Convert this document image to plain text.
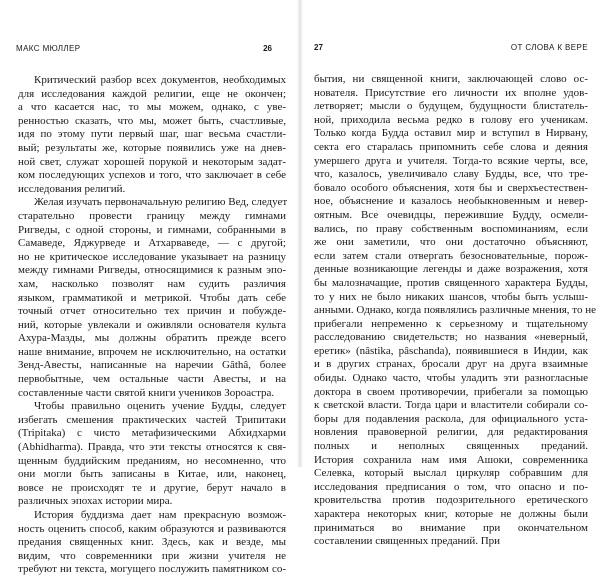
МАКС МЮЛЛЕР	26
Критический разбор всех документов, необходимых
для исследования каждой религии, еще не окончен;
а что касается нас, то мы можем, однако, с уве-
ренностью сказать, что мы, может быть, счастливые,
идя по этому пути первый шаг, шаг весьма счастли-
вый; результаты же, которые появились уже на днев-
ной свет, служат хорошей порукой и некоторым задат-
ком последующих успехов и того, что заключает в себе
исследования религий.
Желая изучать первоначальную религию Вед, следует
старательно провести границу между гимнами
Ригведы, с одной стороны, и гимнами, собранными в
Самаведе, Яджурведе и Атхарваведе, — с другой;
но не критическое исследование указывает на разницу
между гимнами Ригведы, относящимися к разным эпо-
хам, насколько позволят нам судить различия
языком, грамматикой и метрикой. Чтобы дать себе
точный отчет относительно тех причин и побужде-
ний, которые увлекали и оживляли основателя культа
Ахура-Мазды, мы должны обратить прежде всего
наше внимание, впрочем не исключительно, на остатки
Зенд-Авесты, написанные на наречии Gâthâ, более
первобытные, чем остальные части Авесты, и на
составленные части святой книги учеников Зороастра.
Чтобы правильно оценить учение Будды, следует
избегать смешения практических частей Трипитаки
(Tripitaka) с чисто метафизическими Абхидхарми
(Abhidharma). Правда, что эти тексты относятся к свя-
щенным буддийским преданиям, но несомненно, что
они могли быть записаны в Китае, или, наконец,
вовсе не происходят те и другие, берут начало в
различных эпохах истории мира.
История буддизма дает нам прекрасную возмож-
ность оценить способ, каким образуются и развиваются
предания священных книг. Здесь, как и везде, мы
видим, что современники при жизни учителя не
требуют ни текста, могущего послужить памятником со-
27	ОТ СЛОВА К ВЕРЕ
бытия, ни священной книги, заключающей слово ос-
нователя. Присутствие его личности их вполне удов-
летворяет; мысли о будущем, будущности блистатель-
ной, приходила весьма редко в голову его ученикам.
Только когда Будда оставил мир и вступил в Нирвану,
секта его старалась припомнить себе слова и деяния
умершего друга и учителя. Тогда-то всякие черты, все,
что, казалось, увеличивало славу Будды, все, что тре-
бовало особого объяснения, хотя бы и сверхъестествен-
ное, объяснение и казалось необыкновенным и невер-
оятным. Все очевидцы, пережившие Будду, осмели-
вались, по праву собственным воспоминаниям, если
же они заметили, что они достаточно объясняют,
если затем стали отвергать безосновательные, порож-
денные возникающие легенды и даже возражения, хотя
бы малозначащие, против священного характера Будды,
то у них не было никаких шансов, чтобы быть услыш-
анными. Однако, когда появлялись различные мнения, то не
прибегали непременно к серьезному и тщательному
расследованию свидетельств; но названия «неверный,
еретик» (nâstika, pâschanda), появившиеся в Индии, как
и в других странах, бросали друг на друга взаимные
обиды. Однако часто, чтобы уладить эти разногласные
доктора в своем противоречии, прибегали за помощью
к светской власти. Тогда цари и властители собирали со-
боры для подавления раскола, для официального уста-
новления правоверной религии, для редактирования
полных и неполных священных преданий.
История сохранила нам имя Ашоки, современника
Селевка, который выслал циркуляр собравшим для
исследования предписания о том, что опасно и по-
кровительства против подозрительного еретического
характера некоторых книг, которые не должны были
приниматься во внимание при окончательном
составлении священных преданий. При
